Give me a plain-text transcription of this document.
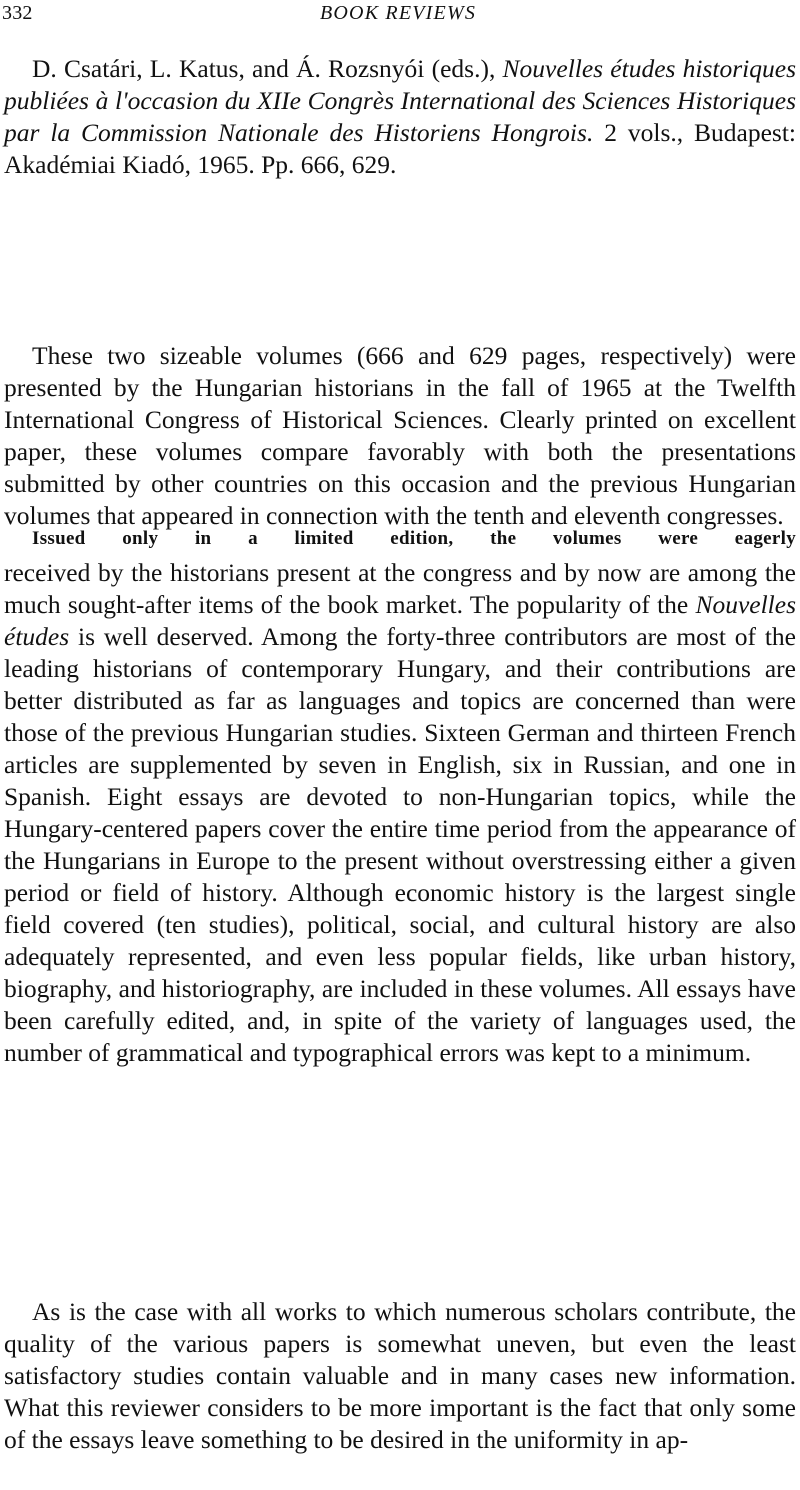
332	BOOK REVIEWS
D. Csatári, L. Katus, and Á. Rozsnyói (eds.), Nouvelles études historiques publiées à l'occasion du XIIe Congrès International des Sciences Historiques par la Commission Nationale des Historiens Hongrois. 2 vols., Budapest: Akadémiai Kiadó, 1965. Pp. 666, 629.
These two sizeable volumes (666 and 629 pages, respectively) were presented by the Hungarian historians in the fall of 1965 at the Twelfth International Congress of Historical Sciences. Clearly printed on excellent paper, these volumes compare favorably with both the presentations submitted by other countries on this occasion and the previous Hungarian volumes that appeared in connection with the tenth and eleventh congresses.
Issued only in a limited edition, the volumes were eagerly
received by the historians present at the congress and by now are among the much sought-after items of the book market. The popularity of the Nouvelles études is well deserved. Among the forty-three contributors are most of the leading historians of contemporary Hungary, and their contributions are better distributed as far as languages and topics are concerned than were those of the previous Hungarian studies. Sixteen German and thirteen French articles are supplemented by seven in English, six in Russian, and one in Spanish. Eight essays are devoted to non-Hungarian topics, while the Hungary-centered papers cover the entire time period from the appearance of the Hungarians in Europe to the present without overstressing either a given period or field of history. Although economic history is the largest single field covered (ten studies), political, social, and cultural history are also adequately represented, and even less popular fields, like urban history, biography, and historiography, are included in these volumes. All essays have been carefully edited, and, in spite of the variety of languages used, the number of grammatical and typographical errors was kept to a minimum.
As is the case with all works to which numerous scholars contribute, the quality of the various papers is somewhat uneven, but even the least satisfactory studies contain valuable and in many cases new information. What this reviewer considers to be more important is the fact that only some of the essays leave something to be desired in the uniformity in ap-
